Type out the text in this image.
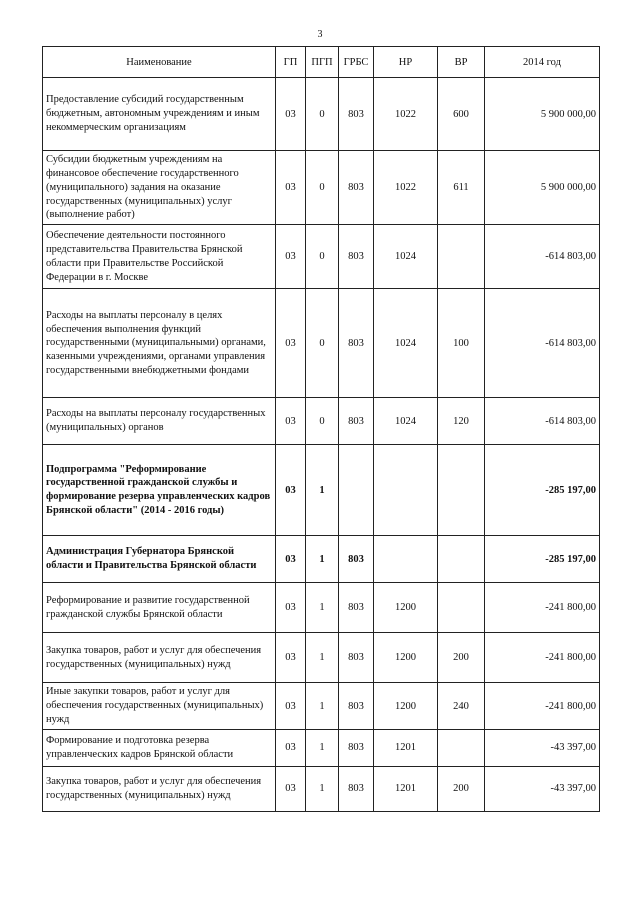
3
Наименование	ГП	ПГП	ГРБС	НР	ВР	2014 год
Предоставление субсидий государственным бюджетным, автономным учреждениям и иным некоммерческим организациям	03	0	803	1022	600	5 900 000,00
Субсидии бюджетным учреждениям на финансовое обеспечение государственного (муниципального) задания на оказание государственных (муниципальных) услуг (выполнение работ)	03	0	803	1022	611	5 900 000,00
Обеспечение деятельности постоянного представительства Правительства Брянской области при Правительстве Российской Федерации в г. Москве	03	0	803	1024		-614 803,00
Расходы на выплаты персоналу в целях обеспечения выполнения функций государственными (муниципальными) органами, казенными учреждениями, органами управления государственными внебюджетными фондами	03	0	803	1024	100	-614 803,00
Расходы на выплаты персоналу государственных (муниципальных) органов	03	0	803	1024	120	-614 803,00
Подпрограмма "Реформирование государственной гражданской службы и формирование резерва управленческих кадров Брянской области" (2014 - 2016 годы)	03	1				-285 197,00
Администрация Губернатора Брянской области и Правительства Брянской области	03	1	803			-285 197,00
Реформирование и развитие государственной гражданской службы Брянской области	03	1	803	1200		-241 800,00
Закупка товаров, работ и услуг для обеспечения государственных (муниципальных) нужд	03	1	803	1200	200	-241 800,00
Иные закупки товаров, работ и услуг для обеспечения государственных (муниципальных) нужд	03	1	803	1200	240	-241 800,00
Формирование и подготовка резерва управленческих кадров Брянской области	03	1	803	1201		-43 397,00
Закупка товаров, работ и услуг для обеспечения государственных (муниципальных) нужд	03	1	803	1201	200	-43 397,00
